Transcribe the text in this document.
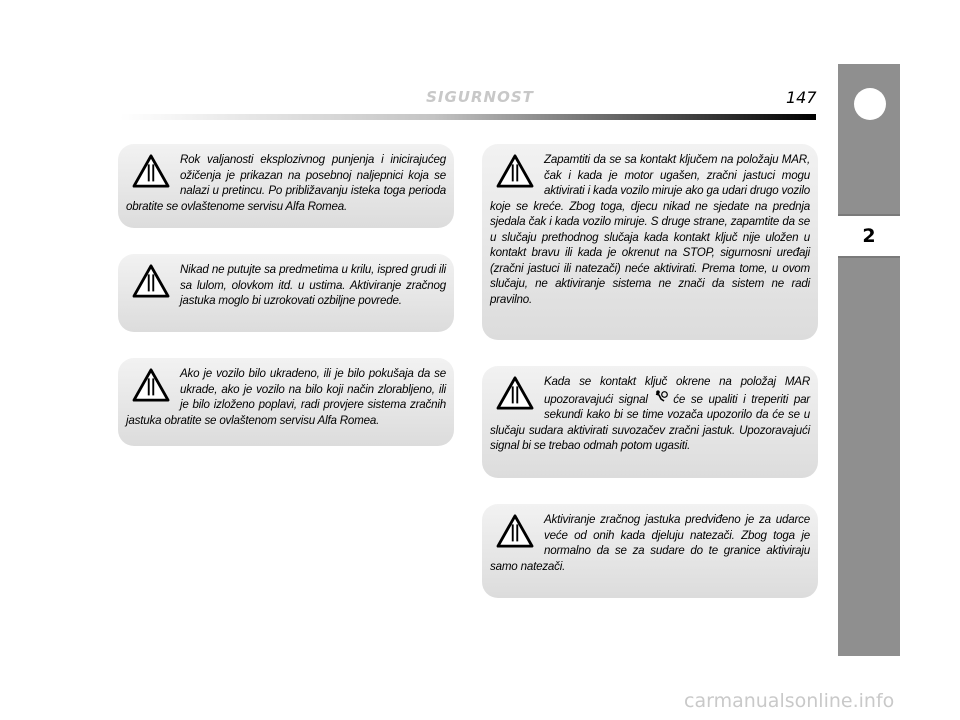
SIGURNOST	147
2

Rok valjanosti eksplozivnog punjenja i inicirajućeg ožičenja je prikazan na posebnoj naljepnici koja se nalazi u pretincu. Po približavanju isteka toga perioda obratite se ovlaštenome servisu Alfa Romea.

Nikad ne putujte sa predmetima u krilu, ispred grudi ili sa lulom, olovkom itd. u ustima. Aktiviranje zračnog jastuka moglo bi uzrokovati ozbiljne povrede.

Ako je vozilo bilo ukradeno, ili je bilo pokušaja da se ukrade, ako je vozilo na bilo koji način zlorabljeno, ili je bilo izloženo poplavi, radi provjere sistema zračnih jastuka obratite se ovlaštenom servisu Alfa Romea.

Zapamtiti da se sa kontakt ključem na položaju MAR, čak i kada je motor ugašen, zračni jastuci mogu aktivirati i kada vozilo miruje ako ga udari drugo vozilo koje se kreće. Zbog toga, djecu nikad ne sjedate na prednja sjedala čak i kada vozilo miruje. S druge strane, zapamtite da se u slučaju prethodnog slučaja kada kontakt ključ nije uložen u kontakt bravu ili kada je okrenut na STOP, sigurnosni uređaji (zračni jastuci ili natezači) neće aktivirati. Prema tome, u ovom slučaju, ne aktiviranje sistema ne znači da sistem ne radi pravilno.

Kada se kontakt ključ okrene na položaj MAR upozoravajući signal će se upaliti i treperiti par sekundi kako bi se time vozača upozorilo da će se u slučaju sudara aktivirati suvozačev zračni jastuk. Upozoravajući signal bi se trebao odmah potom ugasiti.

Aktiviranje zračnog jastuka predviđeno je za udarce veće od onih kada djeluju natezači. Zbog toga je normalno da se za sudare do te granice aktiviraju samo natezači.

carmanualsonline.info
